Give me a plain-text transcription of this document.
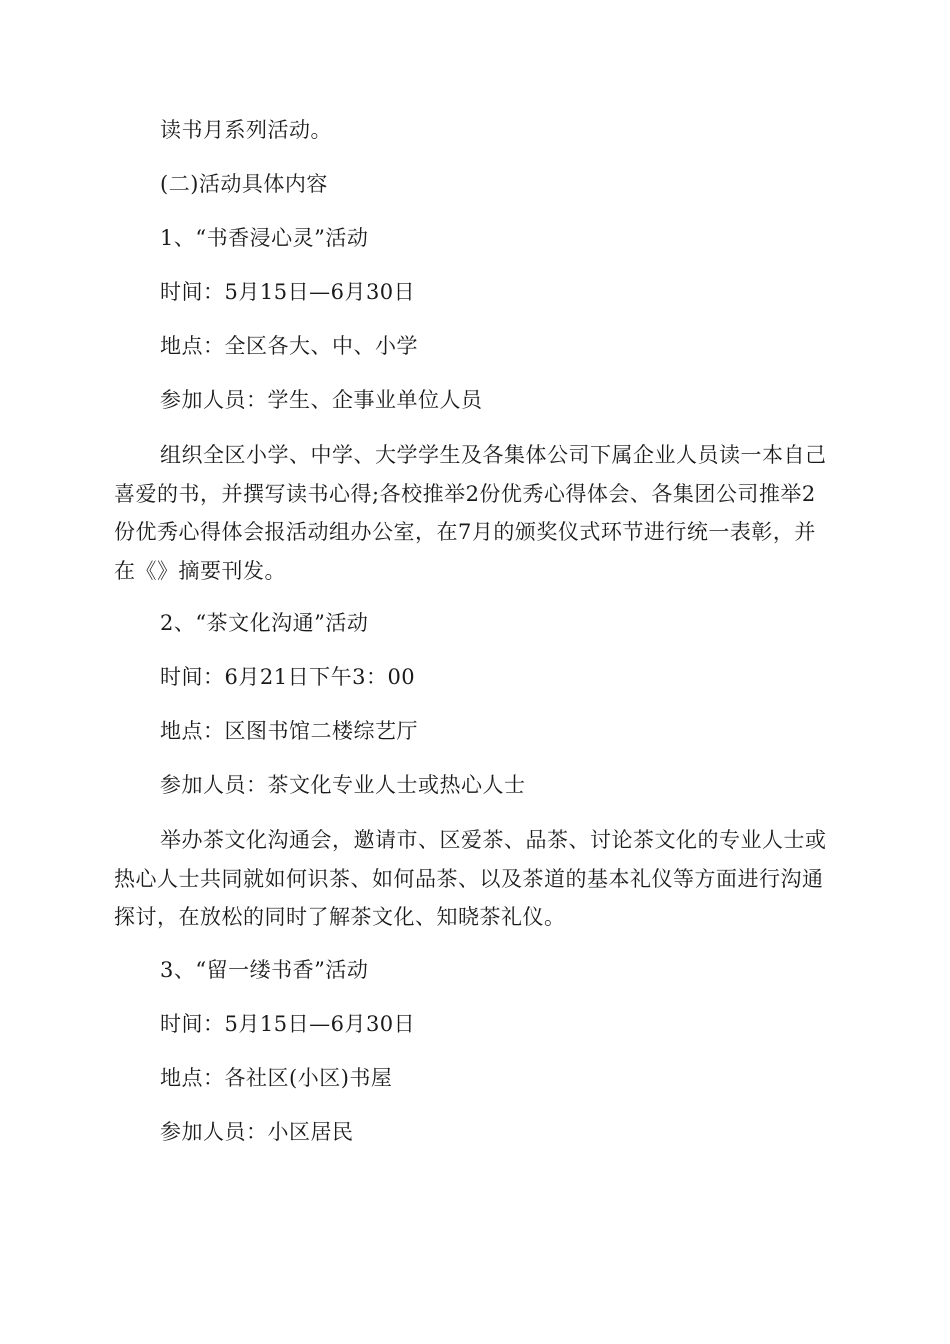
读书月系列活动。
(二)活动具体内容
1、“书香浸心灵”活动
时间：5月15日—6月30日
地点：全区各大、中、小学
参加人员：学生、企事业单位人员
组织全区小学、中学、大学学生及各集体公司下属企业人员读一本自己喜爱的书，并撰写读书心得;各校推举2份优秀心得体会、各集团公司推举2份优秀心得体会报活动组办公室，在7月的颁奖仪式环节进行统一表彰，并在《》摘要刊发。
2、“茶文化沟通”活动
时间：6月21日下午3：00
地点：区图书馆二楼综艺厅
参加人员：茶文化专业人士或热心人士
举办茶文化沟通会，邀请市、区爱茶、品茶、讨论茶文化的专业人士或热心人士共同就如何识茶、如何品茶、以及茶道的基本礼仪等方面进行沟通探讨，在放松的同时了解茶文化、知晓茶礼仪。
3、“留一缕书香”活动
时间：5月15日—6月30日
地点：各社区(小区)书屋
参加人员：小区居民
